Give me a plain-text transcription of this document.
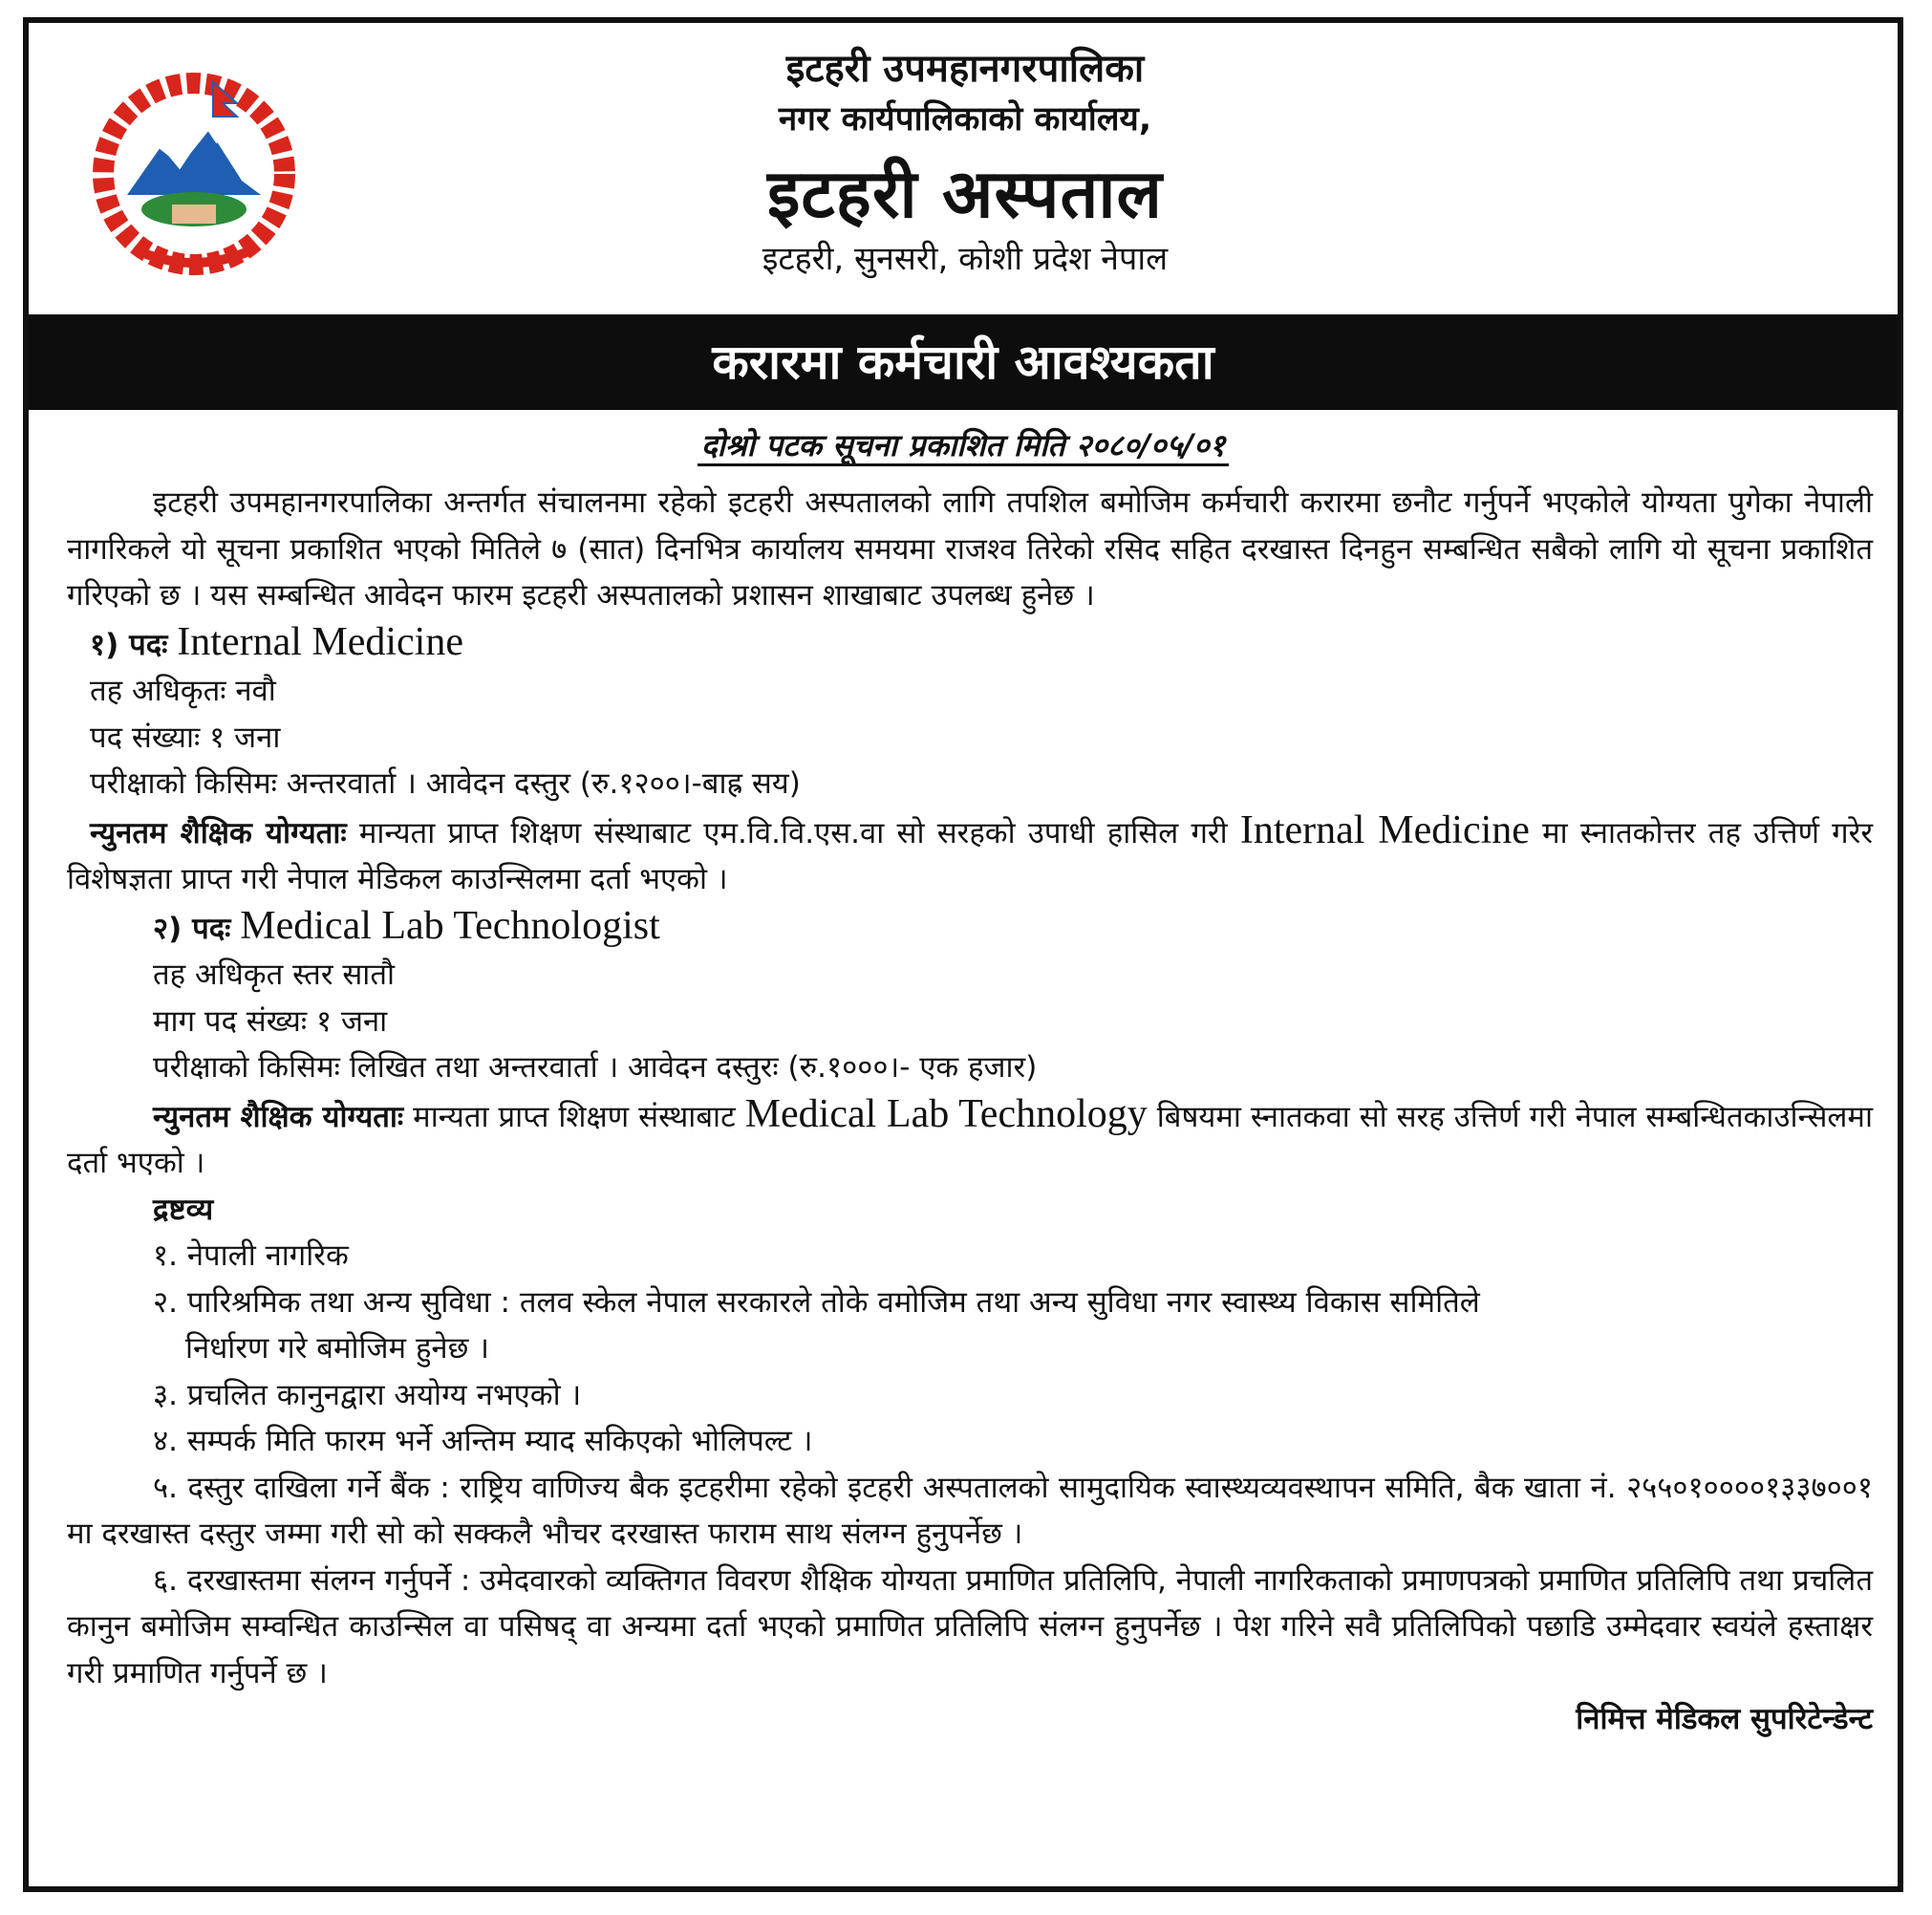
इटहरी उपमहानगरपालिका
नगर कार्यपालिकाको कार्यालय,
इटहरी अस्पताल
इटहरी, सुनसरी, कोशी प्रदेश नेपाल
करारमा कर्मचारी आवश्यकता
दोश्रो पटक सूचना प्रकाशित मिति २०८०/०५/०१

इटहरी उपमहानगरपालिका अन्तर्गत संचालनमा रहेको इटहरी अस्पतालको लागि तपशिल बमोजिम कर्मचारी करारमा छनौट गर्नुपर्ने भएकोले योग्यता पुगेका नेपाली नागरिकले यो सूचना प्रकाशित भएको मितिले ७ (सात) दिनभित्र कार्यालय समयमा राजश्व तिरेको रसिद सहित दरखास्त दिनहुन सम्बन्धित सबैको लागि यो सूचना प्रकाशित गरिएको छ । यस सम्बन्धित आवेदन फारम इटहरी अस्पतालको प्रशासन शाखाबाट उपलब्ध हुनेछ ।

१) पदः Internal Medicine

तह अधिकृतः नवौ

पद संख्याः १ जना

परीक्षाको किसिमः अन्तरवार्ता । आवेदन दस्तुर (रु.१२००।-बाह्र सय)

न्युनतम शैक्षिक योग्यताः मान्यता प्राप्त शिक्षण संस्थाबाट एम.वि.वि.एस.वा सो सरहको उपाधी हासिल गरी Internal Medicine मा स्नातकोत्तर तह उत्तिर्ण गरेर विशेषज्ञता प्राप्त गरी नेपाल मेडिकल काउन्सिलमा दर्ता भएको ।

२) पदः Medical Lab Technologist

तह अधिकृत स्तर सातौ

माग पद संख्यः १ जना

परीक्षाको किसिमः लिखित तथा अन्तरवार्ता । आवेदन दस्तुरः (रु.१०००।- एक हजार)

न्युनतम शैक्षिक योग्यताः मान्यता प्राप्त शिक्षण संस्थाबाट Medical Lab Technology बिषयमा स्नातकवा सो सरह उत्तिर्ण गरी नेपाल सम्बन्धितकाउन्सिलमा दर्ता भएको ।

द्रष्टव्य

१. नेपाली नागरिक

२. पारिश्रमिक तथा अन्य सुविधा : तलव स्केल नेपाल सरकारले तोके वमोजिम तथा अन्य सुविधा नगर स्वास्थ्य विकास समितिले

निर्धारण गरे बमोजिम हुनेछ ।

३. प्रचलित कानुनद्वारा अयोग्य नभएको ।

४. सम्पर्क मिति फारम भर्ने अन्तिम म्याद सकिएको भोलिपल्ट ।

५. दस्तुर दाखिला गर्ने बैंक : राष्ट्रिय वाणिज्य बैक इटहरीमा रहेको इटहरी अस्पतालको सामुदायिक स्वास्थ्यव्यवस्थापन समिति, बैक खाता नं. २५५०१००००१३३७००१ मा दरखास्त दस्तुर जम्मा गरी सो को सक्कलै भौचर दरखास्त फाराम साथ संलग्न हुनुपर्नेछ ।

६. दरखास्तमा संलग्न गर्नुपर्ने : उमेदवारको व्यक्तिगत विवरण शैक्षिक योग्यता प्रमाणित प्रतिलिपि, नेपाली नागरिकताको प्रमाणपत्रको प्रमाणित प्रतिलिपि तथा प्रचलित कानुन बमोजिम सम्वन्धित काउन्सिल वा पसिषद् वा अन्यमा दर्ता भएको प्रमाणित प्रतिलिपि संलग्न हुनुपर्नेछ । पेश गरिने सवै प्रतिलिपिको पछाडि उम्मेदवार स्वयंले हस्ताक्षर गरी प्रमाणित गर्नुपर्ने छ ।

निमित्त मेडिकल सुपरिटेन्डेन्ट
